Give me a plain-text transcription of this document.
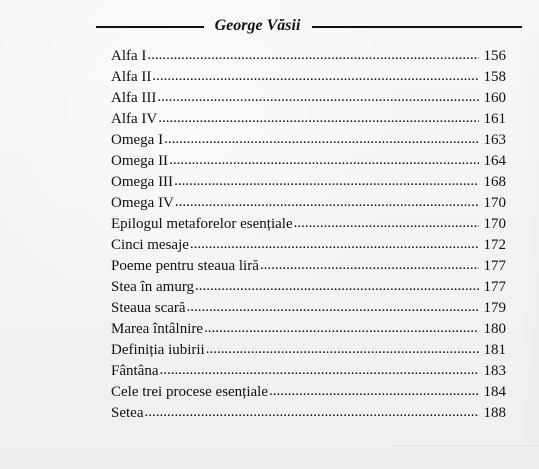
George Văsii
Alfa I .....	156
Alfa II .....	158
Alfa III .....	160
Alfa IV .....	161
Omega I .....	163
Omega II .....	164
Omega III .....	168
Omega IV .....	170
Epilogul metaforelor esențiale .....	170
Cinci mesaje .....	172
Poeme pentru steaua liră .....	177
Stea în amurg .....	177
Steaua scară .....	179
Marea întâlnire .....	180
Definiția iubirii .....	181
Fântâna .....	183
Cele trei procese esențiale .....	184
Setea .....	188
